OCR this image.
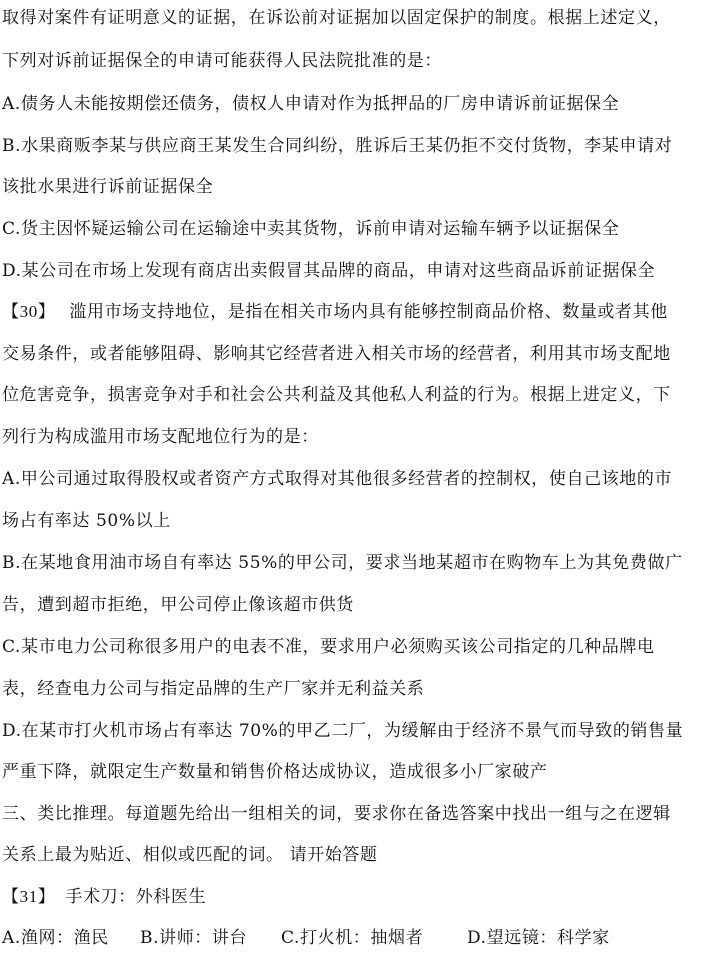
取得对案件有证明意义的证据，在诉讼前对证据加以固定保护的制度。根据上述定义，
下列对诉前证据保全的申请可能获得人民法院批准的是：
A.债务人未能按期偿还债务，债权人申请对作为抵押品的厂房申请诉前证据保全
B.水果商贩李某与供应商王某发生合同纠纷，胜诉后王某仍拒不交付货物，李某申请对
该批水果进行诉前证据保全
C.货主因怀疑运输公司在运输途中卖其货物，诉前申请对运输车辆予以证据保全
D.某公司在市场上发现有商店出卖假冒其品牌的商品，申请对这些商品诉前证据保全
【30】 滥用市场支持地位，是指在相关市场内具有能够控制商品价格、数量或者其他
交易条件，或者能够阻碍、影响其它经营者进入相关市场的经营者，利用其市场支配地
位危害竞争，损害竞争对手和社会公共利益及其他私人利益的行为。根据上进定义，下
列行为构成滥用市场支配地位行为的是：
A.甲公司通过取得股权或者资产方式取得对其他很多经营者的控制权，使自己该地的市
场占有率达 50%以上
B.在某地食用油市场自有率达 55%的甲公司，要求当地某超市在购物车上为其免费做广
告，遭到超市拒绝，甲公司停止像该超市供货
C.某市电力公司称很多用户的电表不准，要求用户必须购买该公司指定的几种品牌电
表，经查电力公司与指定品牌的生产厂家并无利益关系
D.在某市打火机市场占有率达 70%的甲乙二厂，为缓解由于经济不景气而导致的销售量
严重下降，就限定生产数量和销售价格达成协议，造成很多小厂家破产
三、类比推理。每道题先给出一组相关的词，要求你在备选答案中找出一组与之在逻辑
关系上最为贴近、相似或匹配的词。 请开始答题
【31】 手术刀：外科医生
A.渔网：渔民 B.讲师：讲台 C.打火机：抽烟者	D.望远镜：科学家
